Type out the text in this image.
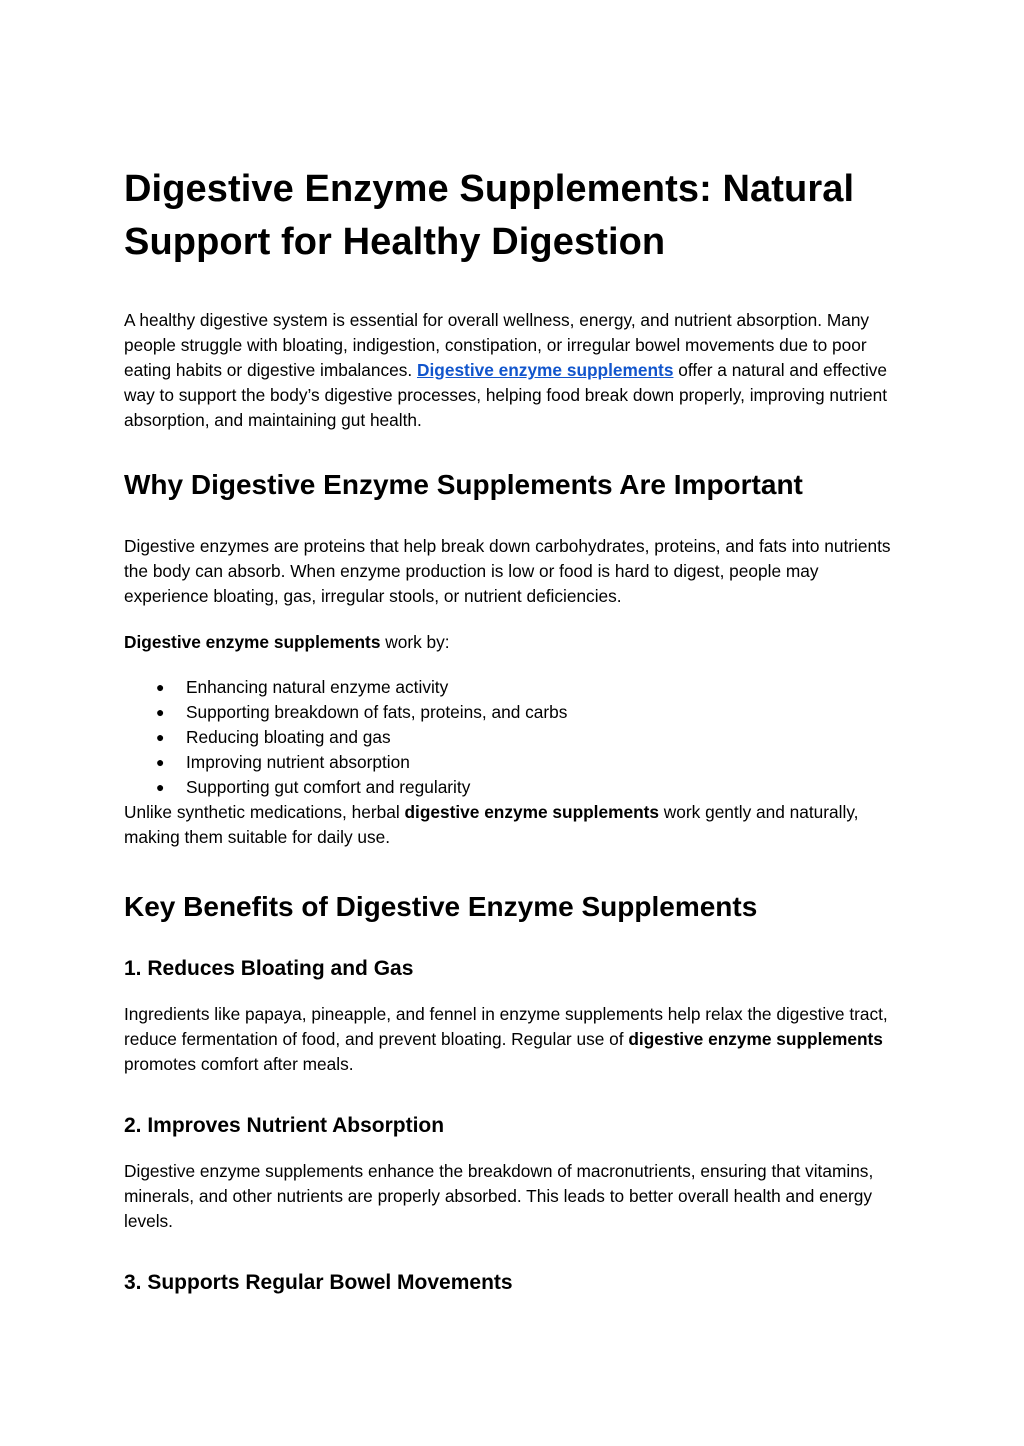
Digestive Enzyme Supplements: Natural Support for Healthy Digestion

A healthy digestive system is essential for overall wellness, energy, and nutrient absorption. Many people struggle with bloating, indigestion, constipation, or irregular bowel movements due to poor eating habits or digestive imbalances. Digestive enzyme supplements offer a natural and effective way to support the body’s digestive processes, helping food break down properly, improving nutrient absorption, and maintaining gut health.

Why Digestive Enzyme Supplements Are Important

Digestive enzymes are proteins that help break down carbohydrates, proteins, and fats into nutrients the body can absorb. When enzyme production is low or food is hard to digest, people may experience bloating, gas, irregular stools, or nutrient deficiencies.

Digestive enzyme supplements work by:

● Enhancing natural enzyme activity
● Supporting breakdown of fats, proteins, and carbs
● Reducing bloating and gas
● Improving nutrient absorption
● Supporting gut comfort and regularity

Unlike synthetic medications, herbal digestive enzyme supplements work gently and naturally, making them suitable for daily use.

Key Benefits of Digestive Enzyme Supplements
1. Reduces Bloating and Gas

Ingredients like papaya, pineapple, and fennel in enzyme supplements help relax the digestive tract, reduce fermentation of food, and prevent bloating. Regular use of digestive enzyme supplements promotes comfort after meals.

2. Improves Nutrient Absorption

Digestive enzyme supplements enhance the breakdown of macronutrients, ensuring that vitamins, minerals, and other nutrients are properly absorbed. This leads to better overall health and energy levels.

3. Supports Regular Bowel Movements
